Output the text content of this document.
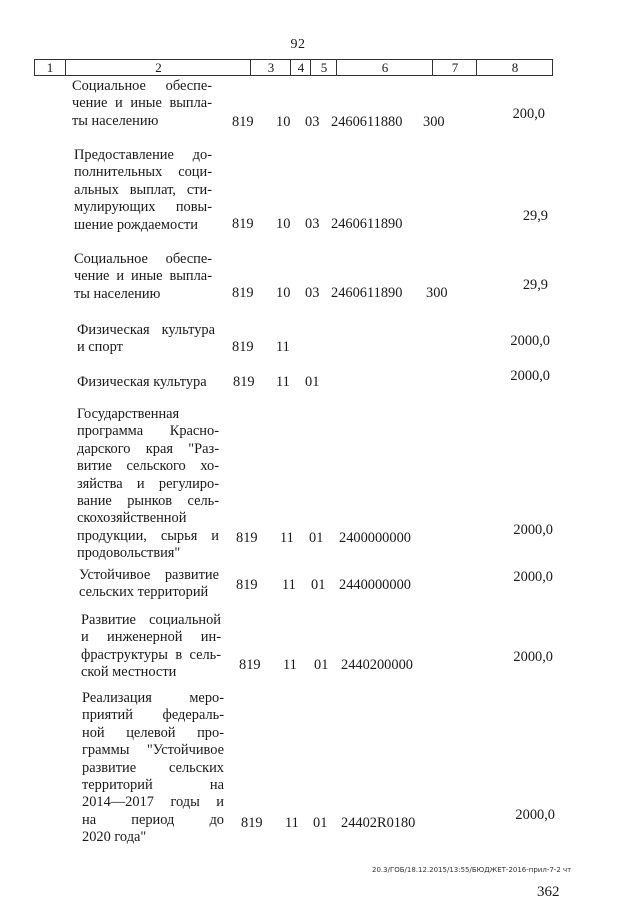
92
1	2	3	4	5	6	7	8
Социальное обеспе-
чение и иные выпла-
ты населению	819 10 03 2460611880 300	200,0
Предоставление до-
полнительных соци-
альных выплат, сти-
мулирующих повы-
шение рождаемости	819 10 03 2460611890	29,9
Социальное обеспе-
чение и иные выпла-
ты населению	819 10 03 2460611890 300	29,9
Физическая культура
и спорт	819 11	2000,0
Физическая культура	819 11 01	2000,0
Государственная
программа Красно-
дарского края "Раз-
витие сельского хо-
зяйства и регулиро-
вание рынков сель-
скохозяйственной
продукции, сырья и
продовольствия"
819 11 01 2400000000	2000,0
Устойчивое развитие
сельских территорий	819 11 01 2440000000	2000,0
Развитие социальной
и инженерной ин-
фраструктуры в сель-
ской местности	819 11 01 2440200000	2000,0
Реализация меро-
приятий федераль-
ной целевой про-
граммы "Устойчивое
развитие сельских
территорий на
2014—2017 годы и
на период до
2020 года"
819 11 01 24402R0180	2000,0
20.3/ГОБ/18.12.2015/13:55/БЮДЖЕТ-2016-прил-7-2 чт
362
